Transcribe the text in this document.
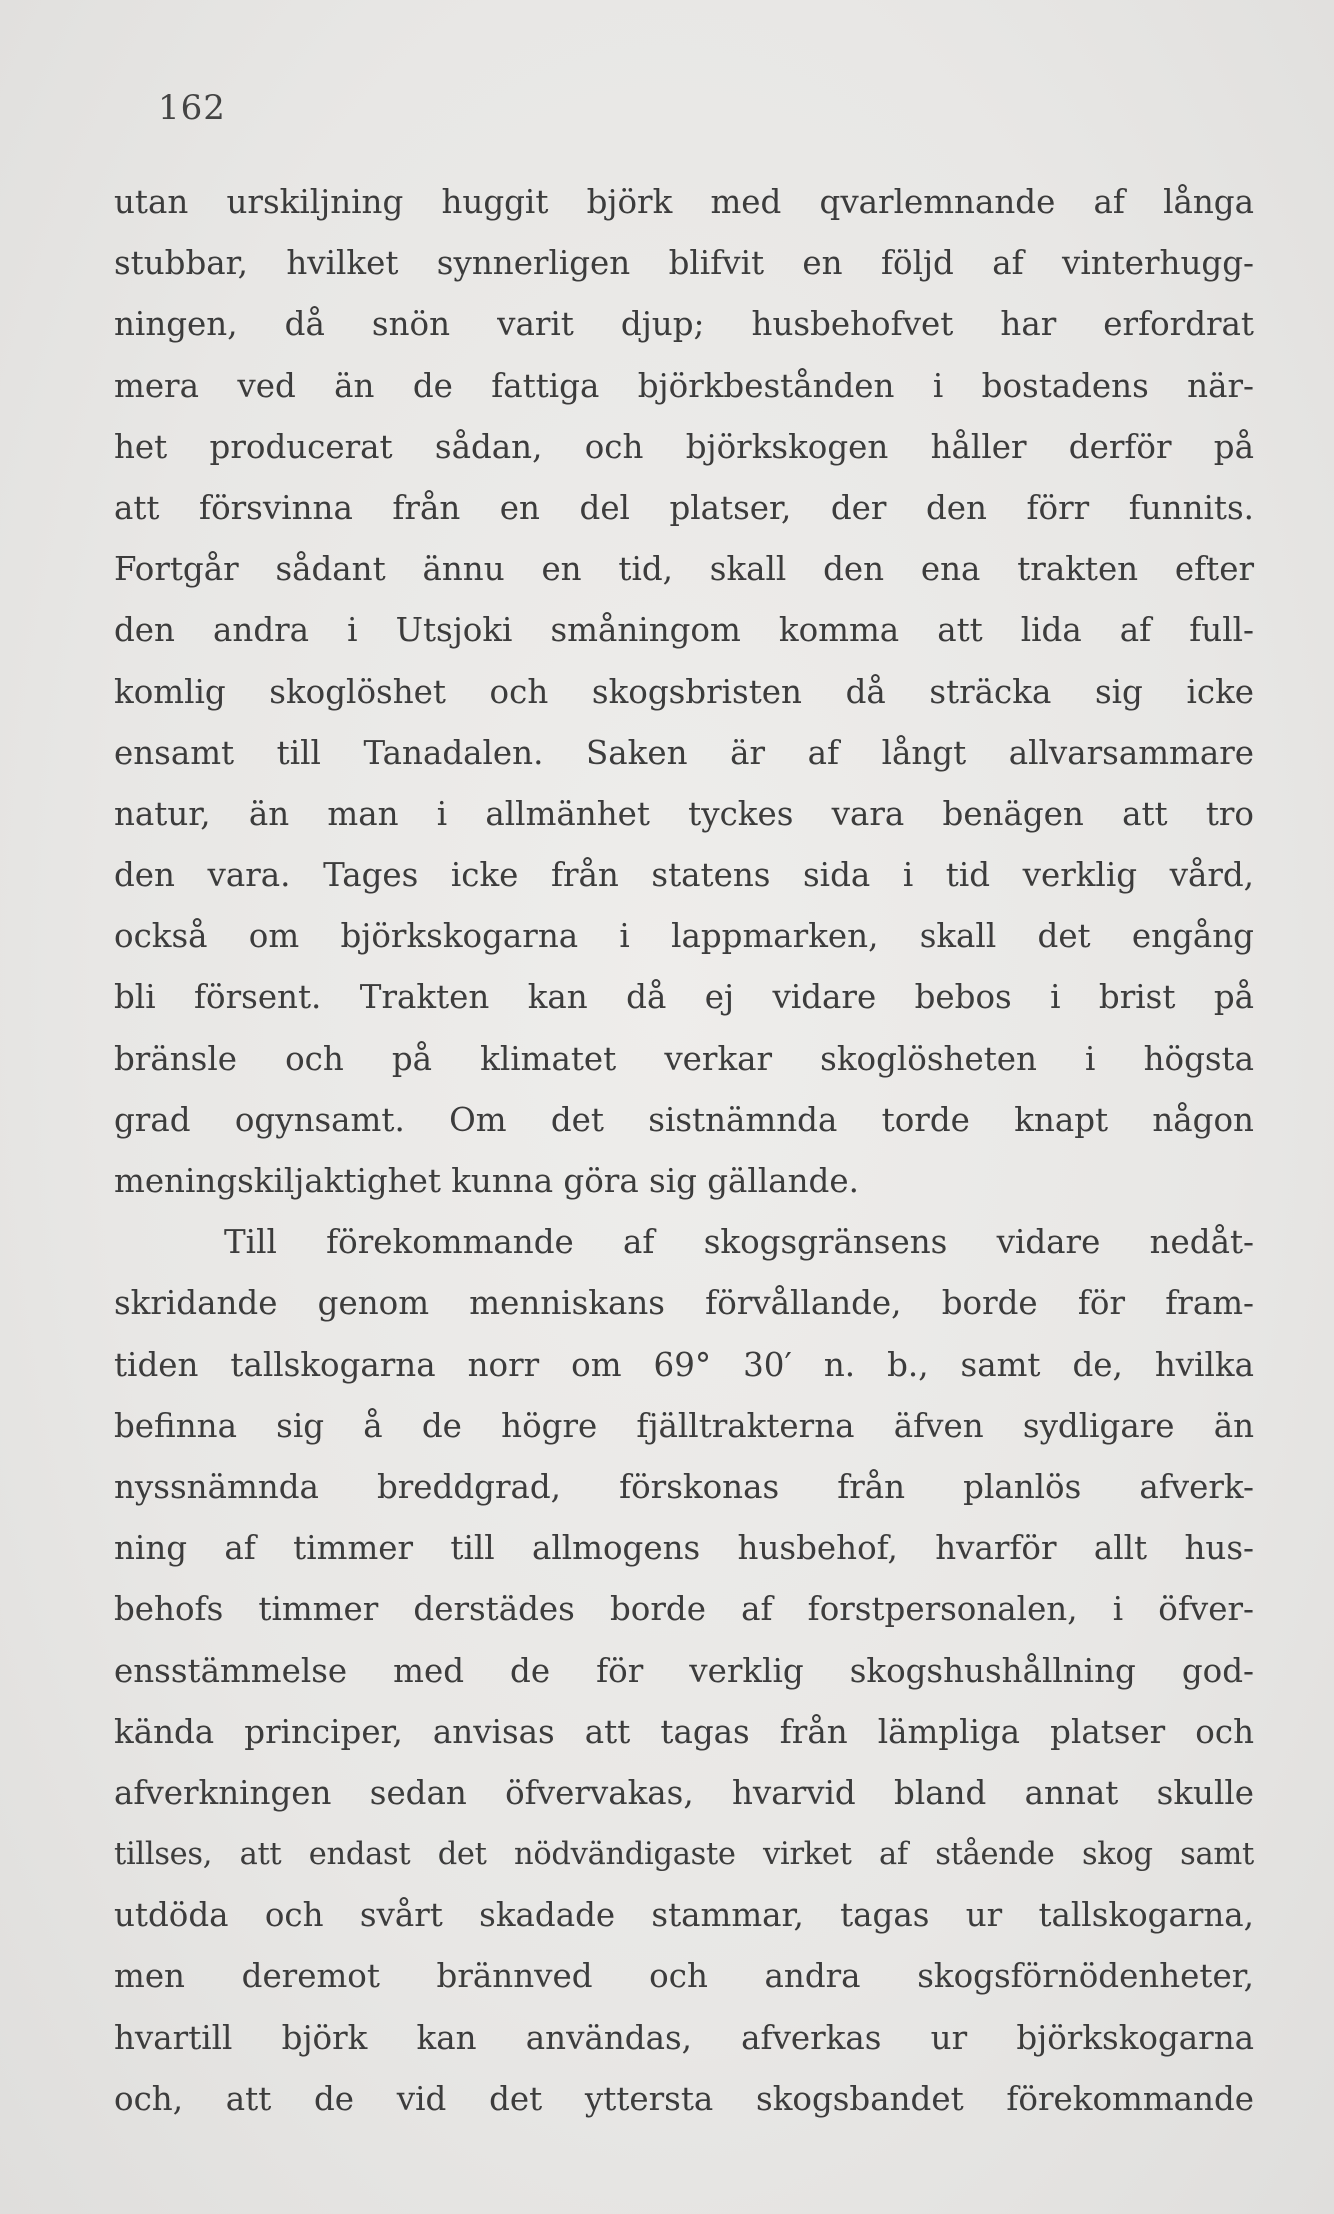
162
utan urskiljning huggit björk med qvarlemnande af långa
stubbar, hvilket synnerligen blifvit en följd af vinterhugg-
ningen, då snön varit djup; husbehofvet har erfordrat
mera ved än de fattiga björkbestånden i bostadens när-
het producerat sådan, och björkskogen håller derför på
att försvinna från en del platser, der den förr funnits.
Fortgår sådant ännu en tid, skall den ena trakten efter
den andra i Utsjoki småningom komma att lida af full-
komlig skoglöshet och skogsbristen då sträcka sig icke
ensamt till Tanadalen. Saken är af långt allvarsammare
natur, än man i allmänhet tyckes vara benägen att tro
den vara. Tages icke från statens sida i tid verklig vård,
också om björkskogarna i lappmarken, skall det engång
bli försent. Trakten kan då ej vidare bebos i brist på
bränsle och på klimatet verkar skoglösheten i högsta
grad ogynsamt. Om det sistnämnda torde knapt någon
meningskiljaktighet kunna göra sig gällande.
Till förekommande af skogsgränsens vidare nedåt-
skridande genom menniskans förvållande, borde för fram-
tiden tallskogarna norr om 69° 30′ n. b., samt de, hvilka
befinna sig å de högre fjälltrakterna äfven sydligare än
nyssnämnda breddgrad, förskonas från planlös afverk-
ning af timmer till allmogens husbehof, hvarför allt hus-
behofs timmer derstädes borde af forstpersonalen, i öfver-
ensstämmelse med de för verklig skogshushållning god-
kända principer, anvisas att tagas från lämpliga platser och
afverkningen sedan öfvervakas, hvarvid bland annat skulle
tillses, att endast det nödvändigaste virket af stående skog samt
utdöda och svårt skadade stammar, tagas ur tallskogarna,
men deremot brännved och andra skogsförnödenheter,
hvartill björk kan användas, afverkas ur björkskogarna
och, att de vid det yttersta skogsbandet förekommande
